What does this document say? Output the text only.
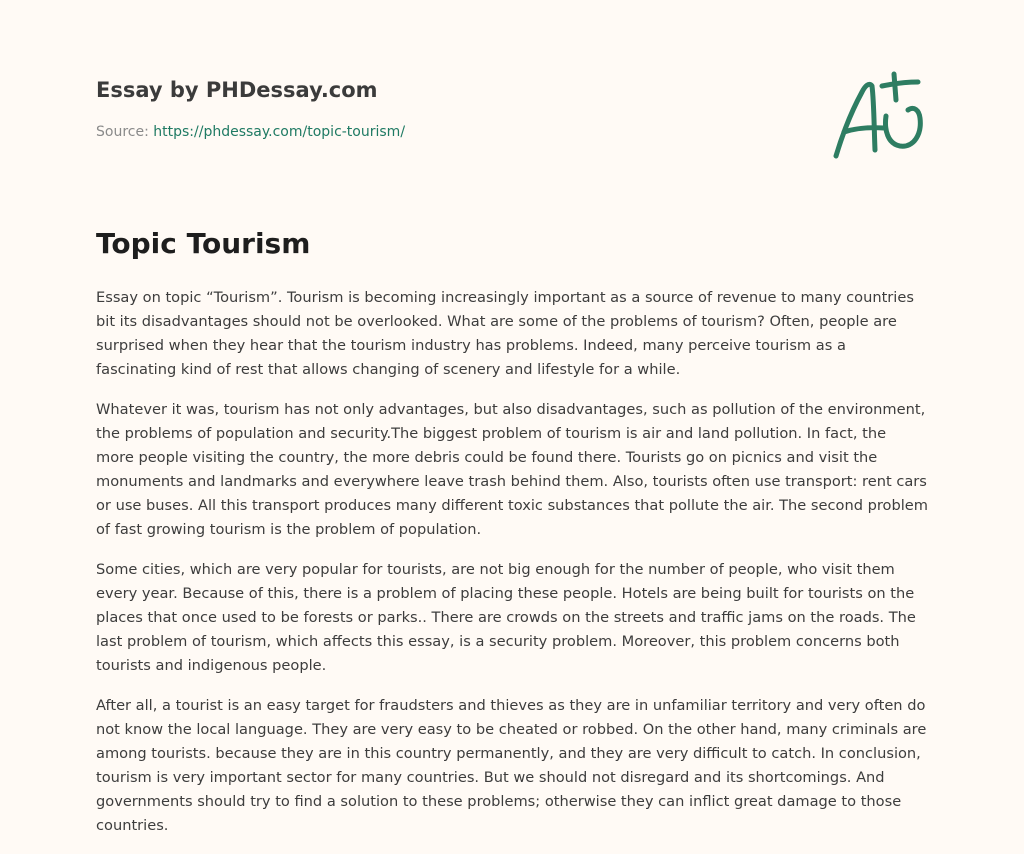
Essay by PHDessay.com
Source: https://phdessay.com/topic-tourism/
Topic Tourism

Essay on topic “Tourism”. Tourism is becoming increasingly important as a source of revenue to many countries bit its disadvantages should not be overlooked. What are some of the problems of tourism? Often, people are surprised when they hear that the tourism industry has problems. Indeed, many perceive tourism as a fascinating kind of rest that allows changing of scenery and lifestyle for a while.

Whatever it was, tourism has not only advantages, but also disadvantages, such as pollution of the environment, the problems of population and security.The biggest problem of tourism is air and land pollution. In fact, the more people visiting the country, the more debris could be found there. Tourists go on picnics and visit the monuments and landmarks and everywhere leave trash behind them. Also, tourists often use transport: rent cars or use buses. All this transport produces many different toxic substances that pollute the air. The second problem of fast growing tourism is the problem of population.

Some cities, which are very popular for tourists, are not big enough for the number of people, who visit them every year. Because of this, there is a problem of placing these people. Hotels are being built for tourists on the places that once used to be forests or parks.. There are crowds on the streets and traffic jams on the roads. The last problem of tourism, which affects this essay, is a security problem. Moreover, this problem concerns both tourists and indigenous people.

After all, a tourist is an easy target for fraudsters and thieves as they are in unfamiliar territory and very often do not know the local language. They are very easy to be cheated or robbed. On the other hand, many criminals are among tourists. because they are in this country permanently, and they are very difficult to catch. In conclusion, tourism is very important sector for many countries. But we should not disregard and its shortcomings. And governments should try to find a solution to these problems; otherwise they can inflict great damage to those countries.
